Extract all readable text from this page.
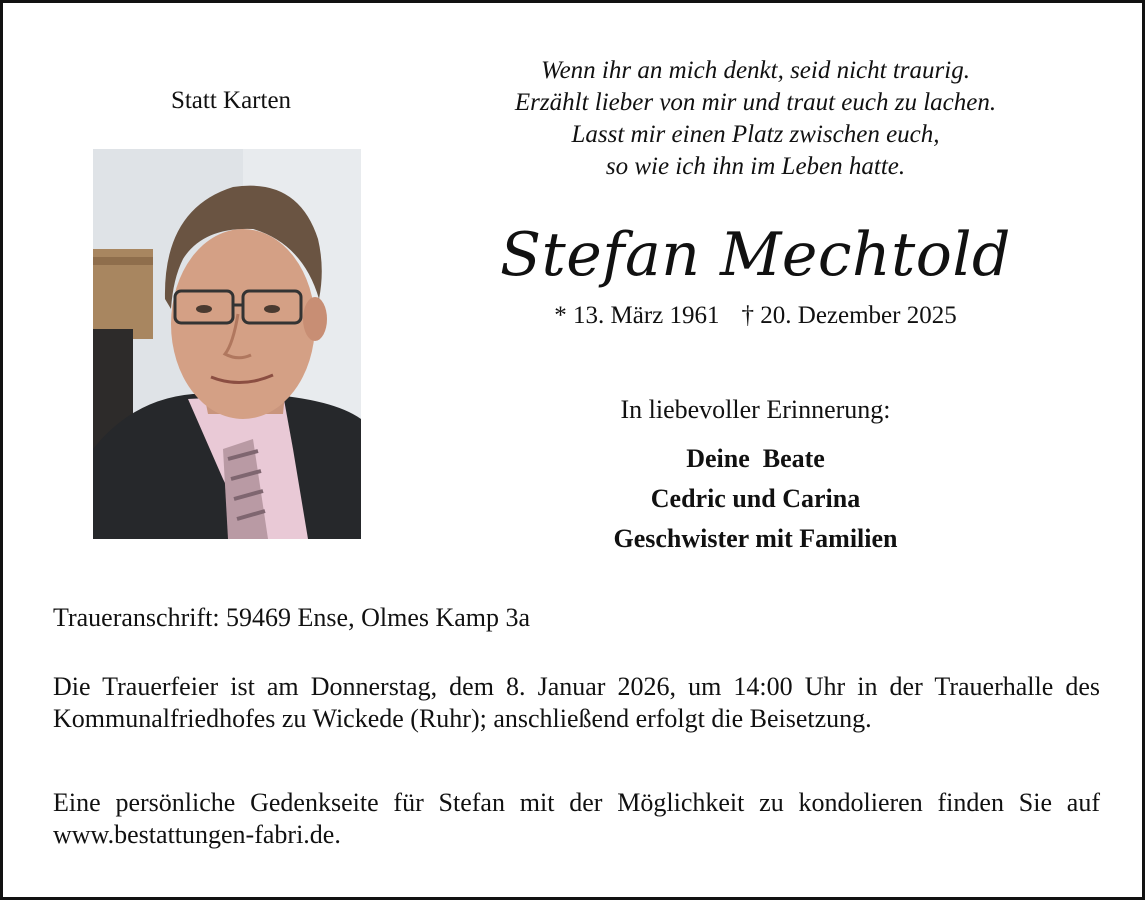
Statt Karten
Wenn ihr an mich denkt, seid nicht traurig.
Erzählt lieber von mir und traut euch zu lachen.
Lasst mir einen Platz zwischen euch,
so wie ich ihn im Leben hatte.
Stefan Mechtold
* 13. März 1961 † 20. Dezember 2025
In liebevoller Erinnerung:
Deine  Beate
Cedric und Carina
Geschwister mit Familien
Traueranschrift: 59469 Ense, Olmes Kamp 3a
Die Trauerfeier ist am Donnerstag, dem 8. Januar 2026, um 14:00 Uhr in der Trauerhalle des Kommunalfriedhofes zu Wickede (Ruhr); anschließend erfolgt die Beisetzung.
Eine persönliche Gedenkseite für Stefan mit der Möglichkeit zu kondolieren finden Sie auf www.bestattungen-fabri.de.
